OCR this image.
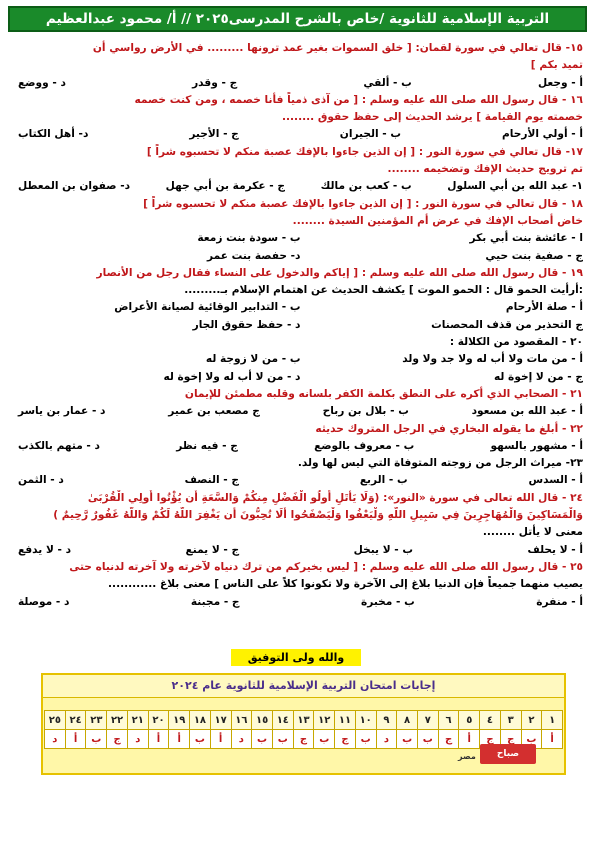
التربية الإسلامية للثانوية /خاص بالشرح المدرسى٢٠٢٥ // أ/ محمود عبدالعظيم
١٥- قال تعالي في سورة لقمان: [ خلق السموات بغير عمد ترونها ......... في الأرض رواسي أن
تميد بكم ]
أ - وجعل
ب - ألقي
ج - وقدر
د - ووضع
١٦ - قال رسول الله صلى الله عليه وسلم : [ من آذى ذمياً فأنا خصمه ، ومن كنت خصمه
خصمته يوم القيامة ] يرشد الحديث إلى حفظ حقوق ........
أ - أولي الأرحام
ب - الجيران
ج - الأجير
د- أهل الكتاب
١٧- قال تعالي في سورة النور : [ إن الذين جاءوا بالإفك عصبة منكم لا تحسبوه شراً ]
تم ترويج حديث الإفك وتضخيمه ........
١- عبد الله بن أبي السلول
ب - كعب بن مالك
ج - عكرمة بن أبي جهل
د- صفوان بن المعطل
١٨ - قال تعالي في سورة النور : [ إن الذين جاءوا بالإفك عصبة منكم لا تحسبوه شراً ]
خاض أصحاب الإفك في عرض أم المؤمنين السيدة ........
ا - عائشة بنت أبي بكر
ب - سودة بنت زمعة
ج - صفية بنت حيي
د- حفصة بنت عمر
١٩ - قال رسول الله صلى الله عليه وسلم : [ إياكم والدخول على النساء فقال رجل من الأنصار
:أرأيت الحمو قال : الحمو الموت ] يكشف الحديث عن اهتمام الإسلام بـ.........
أ - صلة الأرحام
ب - التدابير الوقائية لصيانة الأعراض
ج التحذير من قذف المحصنات
د - حفظ حقوق الجار
٢٠ - المقصود من الكلالة :
أ - من مات ولا أب له ولا جد ولا ولد
ب - من لا زوجة له
ج - من لا إخوة له
د - من لا أب له ولا إخوة له
٢١ - الصحابي الذي أكره على النطق بكلمة الكفر بلسانه وقلبه مطمئن للإيمان
أ - عبد الله بن مسعود
ب - بلال بن رباح
ج مصعب بن عمير
د - عمار بن ياسر
٢٢ - أبلغ ما يقوله البخاري في الرجل المتروك حديثه
أ - مشهور بالسهو
ب - معروف بالوضع
ج - فيه نظر
د - متهم بالكذب
٢٣- ميراث الرجل من زوجته المتوفاة التي ليس لها ولد.
أ - السدس
ب - الربع
ج - النصف
د - الثمن
٢٤ - قال الله تعالى في سورة «النور»: (وَلَا يَأْتَلِ أُولُو الْفَضْلِ مِنكُمْ وَالسَّعَةِ أَن يُؤْتُوا أُولِي الْقُرْبَىٰ
وَالْمَسَاكِينَ وَالْمُهَاجِرِينَ فِي سَبِيلِ اللَّهِ وَلْيَعْفُوا وَلْيَصْفَحُوا أَلَا تُحِبُّونَ أَن يَغْفِرَ اللَّهُ لَكُمْ وَاللَّهُ غَفُورٌ رَّحِيمٌ )
معنى لا يأتل ........
أ - لا يحلف
ب - لا يبخل
ج - لا يمنع
د - لا يدفع
٢٥ - قال رسول الله صلى الله عليه وسلم : [ ليس بخيركم من ترك دنياه لآخرته ولا آخرته لدنياه حتى
يصيب منهما جميعاً فإن الدنيا بلاغ إلى الآخرة ولا تكونوا كلاً على الناس ] معنى بلاغ ............
أ - منفرة
ب - مخبرة
ج - مجبنة
د - موصلة
والله ولى التوفيق
إجابات امتحان التربية الإسلامية للثانوية عام ٢٠٢٤
١	٢	٣	٤	٥	٦	٧	٨	٩	١٠	١١	١٢	١٣	١٤	١٥	١٦	١٧	١٨	١٩	٢٠	٢١	٢٢	٢٣	٢٤	٢٥
أ	ب	ج	ج	أ	ج	ب	ب	د	ب	ج	ب	ج	ب	ب	د	أ	ب	أ	أ	د	ج	ب	أ	د
صباح
مصر
